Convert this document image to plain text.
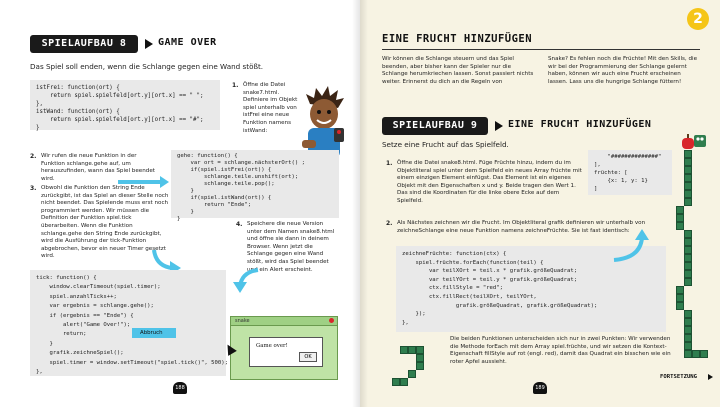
SPIELAUFBAU 8	GAME OVER
Das Spiel soll enden, wenn die Schlange gegen eine Wand stößt.
istFrei: function(ort) {
return spiel.spielfeld[ort.y][ort.x] == " ";
},
istWand: function(ort) {
return spiel.spielfeld[ort.y][ort.x] == "#";
}
1. Öffne die Datei snake7.html. Definiere im Objekt spiel unterhalb von istFrei eine neue Funktion namens istWand:
2. Wir rufen die neue Funktion in der Funktion schlange.gehe auf, um herauszufinden, wann das Spiel beendet wird.
gehe: function() {
var ort = schlange.nächsterOrt() ;
if(spiel.istFrei(ort)) {
schlange.teile.unshift(ort);
schlange.teile.pop();
}
if(spiel.istWand(ort)) {
return "Ende";
}
}
3. Obwohl die Funktion den String Ende zurückgibt, ist das Spiel an dieser Stelle noch nicht beendet. Das Spielende muss erst noch programmiert werden. Wir müssen die Definition der Funktion spiel.tick überarbeiten. Wenn die Funktion schlange.gehe den String Ende zurückgibt, wird die Ausführung der tick-Funktion abgebrochen, bevor ein neuer Timer gesetzt wird.
tick: function() {
window.clearTimeout(spiel.timer);
spiel.anzahlTicks++;
var ergebnis = schlange.gehe();
if (ergebnis == "Ende") {
alert("Game Over!");
return;
}
grafik.zeichneSpiel();
spiel.timer = window.setTimeout("spiel.tick()", 500);
},
Abbruch
4. Speichere die neue Version unter dem Namen snake8.html und öffne sie dann in deinem Browser. Wenn jetzt die Schlange gegen eine Wand stößt, wird das Spiel beendet und ein Alert erscheint.
snake
Game over!
OK
188
2
EINE FRUCHT HINZUFÜGEN
Wir können die Schlange steuern und das Spiel beenden, aber bisher kann der Spieler nur die Schlange herumkriechen lassen. Sonst passiert nichts weiter. Erinnerst du dich an die Regeln von
Snake? Es fehlen noch die Früchte! Mit den Skills, die wir bei der Programmierung der Schlange gelernt haben, können wir auch eine Frucht erscheinen lassen. Lass uns die hungrige Schlange füttern!
SPIELAUFBAU 9	EINE FRUCHT HINZUFÜGEN
Setze eine Frucht auf das Spielfeld.
1. Öffne die Datei snake8.html. Füge Früchte hinzu, indem du im Objektliteral spiel unter dem Spielfeld ein neues Array früchte mit einem einzigen Element einfügst. Das Element ist ein eigenes Objekt mit den Eigenschaften x und y. Beide tragen den Wert 1. Das sind die Koordinaten für die linke obere Ecke auf dem Spielfeld.
"##############"
],
früchte: [
{x: 1, y: 1}
]
2. Als Nächstes zeichnen wir die Frucht. Im Objektliteral grafik definieren wir unterhalb von zeichneSchlange eine neue Funktion namens zeichneFrüchte. Sie ist fast identisch:
zeichneFrüchte: function(ctx) {
spiel.früchte.forEach(function(teil) {
var teilXOrt = teil.x * grafik.größeQuadrat;
var teilYOrt = teil.y * grafik.größeQuadrat;
ctx.fillStyle = "red";
ctx.fillRect(teilXOrt, teilYOrt,
grafik.größeQuadrat, grafik.größeQuadrat);
});
},
Die beiden Funktionen unterscheiden sich nur in zwei Punkten: Wir verwenden die Methode forEach mit dem Array spiel.früchte, und wir setzen die Kontext-Eigenschaft fillStyle auf rot (engl. red), damit das Quadrat ein bisschen wie ein roter Apfel aussieht.
FORTSETZUNG
189
